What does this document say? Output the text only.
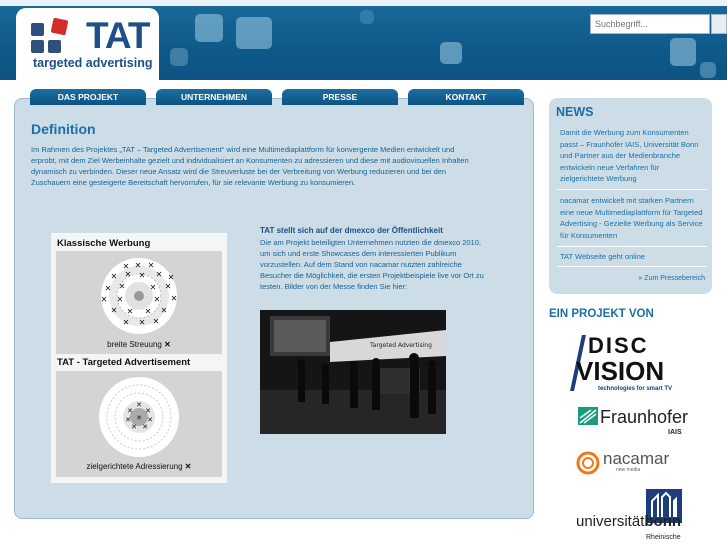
TAT
targeted advertising
Suchbegriff...
Definition
Im Rahmen des Projektes „TAT – Targeted Advertisement“ wird eine Multimediaplattform für konvergente Medien entwickelt und erprobt, mit dem Ziel Werbeinhalte gezielt und individualisiert an Konsumenten zu adressieren und diese mit audiovisuellen Inhalten dynamisch zu verbinden. Dieser neue Ansatz wird die Streuverluste bei der Verbreitung von Werbung reduzieren und bei den Zuschauern eine gesteigerte Bereitschaft hervorrufen, für sie relevante Werbung zu konsumieren.
Klassische Werbung
✕ ✕ ✕
✕ ✕ ✕ ✕ ✕
✕ ✕	✕ ✕
✕ ✕	✕ ✕
✕ ✕ ✕ ✕
✕ ✕ ✕
breite Streuung ✕
TAT - Targeted Advertisement
✕
✕ ✕
✕ ✕ ✕
✕ ✕
zielgerichtete Adressierung ✕
TAT stellt sich auf der dmexco der Öffentlichkeit
Die am Projekt beteiligten Unternehmen nutzten die dmexco 2010, um sich und erste Showcases dem interessierten Publikum vorzustellen. Auf dem Stand von nacamar nutzten zahlreiche Besucher die Möglichkeit, die ersten Projektbeispiele live vor Ort zu testen. Bilder von der Messe finden Sie hier:
Targeted Advertising
DAS PROJEKT	UNTERNEHMEN	PRESSE	KONTAKT
NEWS
Damit die Werbung zum Konsumenten passt – Fraunhofer IAIS, Universität Bonn und Partner aus der Medienbranche entwickeln neue Verfahren für zielgerichtete Werbung
nacamar entwickelt mit starken Partnern eine neue Multimediaplattform für Targeted Advertising - Gezielte Werbung als Service für Konsumenten
TAT Webseite geht online
» Zum Pressebereich
EIN PROJEKT VON
DISC
VISION
technologies for smart TV
Fraunhofer
IAIS
nacamar
new media
universitätbonn
Rheinische
